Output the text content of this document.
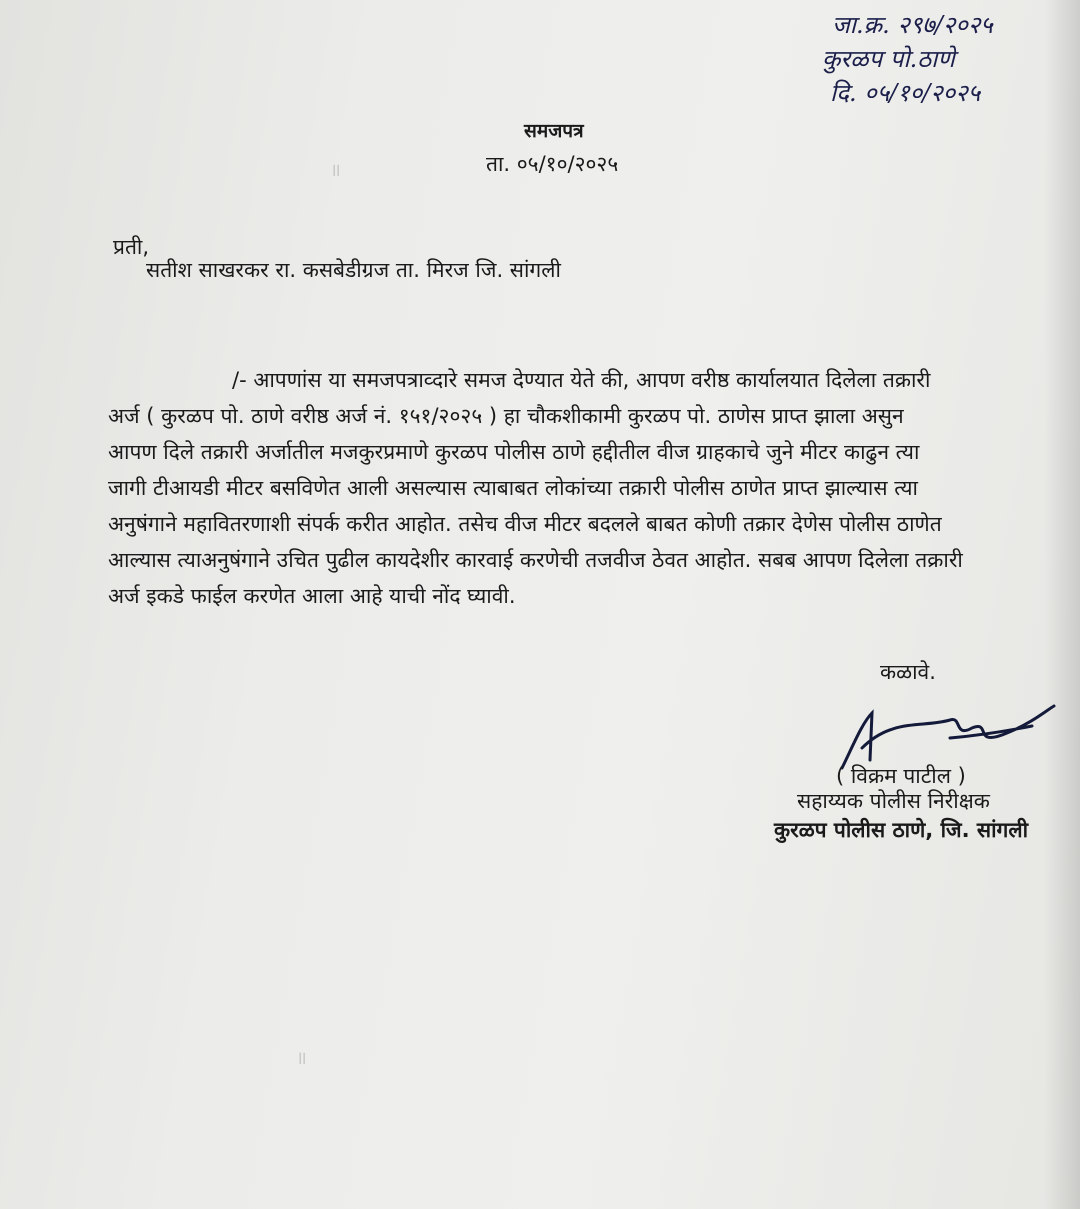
जा.क्र. २९७/२०२५
कुरळप पो.ठाणे
दि. ०५/१०/२०२५
समजपत्र
ता. ०५/१०/२०२५
प्रती,
सतीश साखरकर रा. कसबेडीग्रज ता. मिरज जि. सांगली
/- आपणांस या समजपत्राव्दारे समज देण्यात येते की, आपण वरीष्ठ कार्यालयात दिलेला तक्रारी
अर्ज ( कुरळप पो. ठाणे वरीष्ठ अर्ज नं. १५१/२०२५ ) हा चौकशीकामी कुरळप पो. ठाणेस प्राप्त झाला असुन
आपण दिले तक्रारी अर्जातील मजकुरप्रमाणे कुरळप पोलीस ठाणे हद्दीतील वीज ग्राहकाचे जुने मीटर काढुन त्या
जागी टीआयडी मीटर बसविणेत आली असल्यास त्याबाबत लोकांच्या तक्रारी पोलीस ठाणेत प्राप्त झाल्यास त्या
अनुषंगाने महावितरणाशी संपर्क करीत आहोत. तसेच वीज मीटर बदलले बाबत कोणी तक्रार देणेस पोलीस ठाणेत
आल्यास त्याअनुषंगाने उचित पुढील कायदेशीर कारवाई करणेची तजवीज ठेवत आहोत. सबब आपण दिलेला तक्रारी
अर्ज इकडे फाईल करणेत आला आहे याची नोंद घ्यावी.
कळावे.
( विक्रम पाटील )
सहाय्यक पोलीस निरीक्षक
कुरळप पोलीस ठाणे, जि. सांगली
॥
॥
